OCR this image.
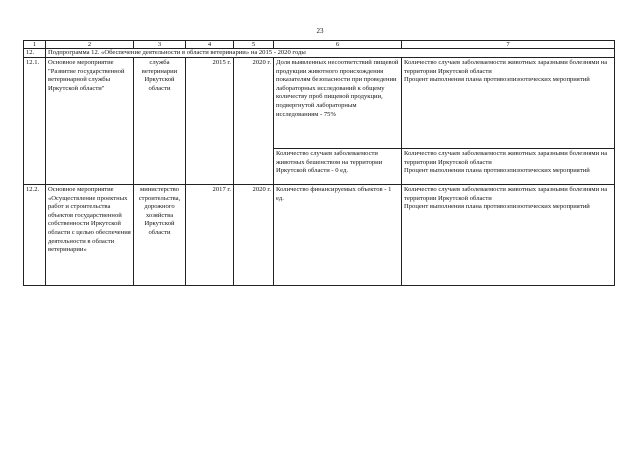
23
1	2	3	4	5	6	7
12.	Подпрограмма 12. «Обеспечение деятельности в области ветеринарии» на 2015 - 2020 годы					
12.1.	Основное мероприятие "Развитие государственной ветеринарной службы Иркутской области"	служба ветеринарии Иркутской области	2015 г.	2020 г.	Доля выявленных несоответствий пищевой продукции животного происхождения показателям безопасности при проведении лабораторных исследований к общему количеству проб пищевой продукции, подвергнутой лабораторным исследованиям - 75%	Количество случаев заболеваемости животных заразными болезнями на территории Иркутской области

Процент выполнения плана противоэпизоотических мероприятий

					Количество случаев заболеваемости животных бешенством на территории Иркутской области - 0 ед.	Количество случаев заболеваемости животных заразными болезнями на территории Иркутской области

Процент выполнения плана противоэпизоотических мероприятий

12.2.	Основное мероприятие «Осуществление проектных работ и строительства объектов государственной собственности Иркутской области с целью обеспечения деятельности в области ветеринарии»	министерство строительства, дорожного хозяйства Иркутской области	2017 г.	2020 г.	Количество финансируемых объектов - 1 ед.	Количество случаев заболеваемости животных заразными болезнями на территории Иркутской области

Процент выполнения плана противоэпизоотических мероприятий
